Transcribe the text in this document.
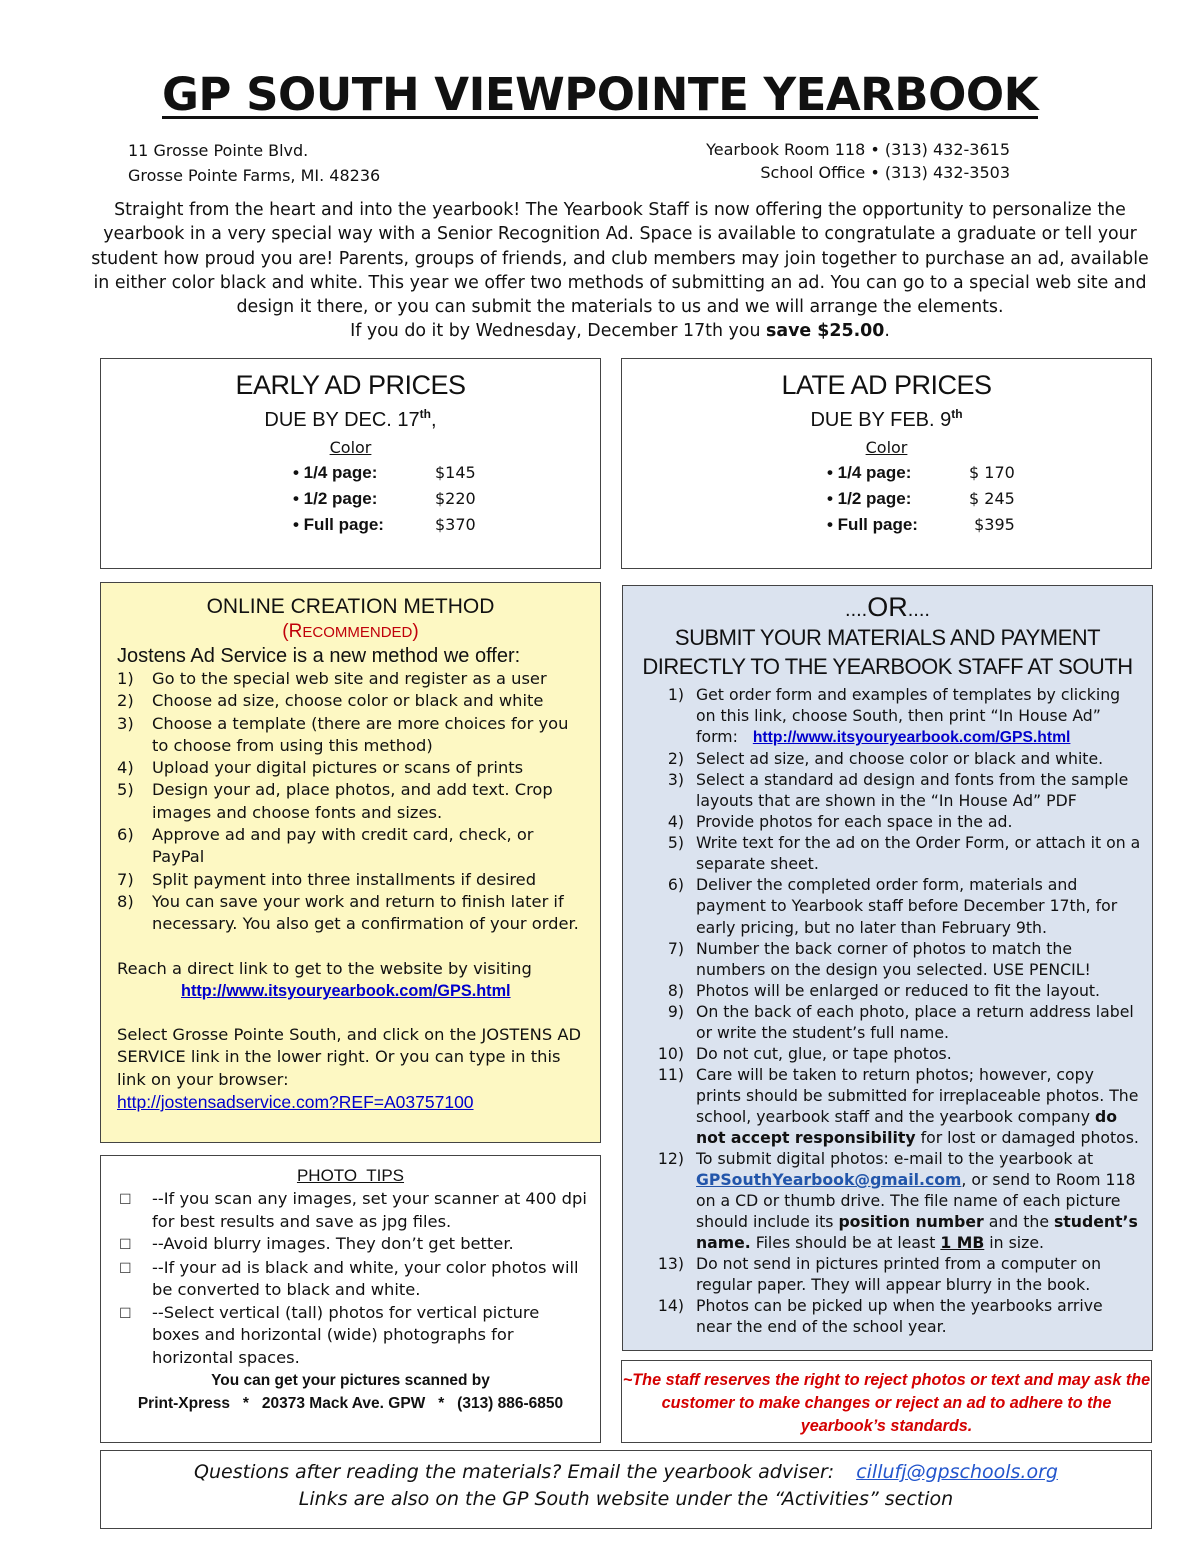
GP SOUTH VIEWPOINTE YEARBOOK
11 Grosse Pointe Blvd.
Grosse Pointe Farms, MI. 48236
Yearbook Room 118 • (313) 432-3615
School Office • (313) 432-3503
Straight from the heart and into the yearbook! The Yearbook Staff is now offering the opportunity to personalize the yearbook in a very special way with a Senior Recognition Ad. Space is available to congratulate a graduate or tell your student how proud you are! Parents, groups of friends, and club members may join together to purchase an ad, available in either color black and white. This year we offer two methods of submitting an ad. You can go to a special web site and design it there, or you can submit the materials to us and we will arrange the elements.
If you do it by Wednesday, December 17th you save $25.00.
EARLY AD PRICES
DUE BY DEC. 17th,
Color
• 1/4 page:	$145
• 1/2 page:	$220
• Full page:	$370
LATE AD PRICES
DUE BY FEB. 9th
Color
• 1/4 page:	$ 170
• 1/2 page:	$ 245
• Full page:	$395
ONLINE CREATION METHOD
(RECOMMENDED)
Jostens Ad Service is a new method we offer:
1)	Go to the special web site and register as a user
2)	Choose ad size, choose color or black and white
3)	Choose a template (there are more choices for you to choose from using this method)
4)	Upload your digital pictures or scans of prints
5)	Design your ad, place photos, and add text. Crop images and choose fonts and sizes.
6)	Approve ad and pay with credit card, check, or PayPal
7)	Split payment into three installments if desired
8)	You can save your work and return to finish later if necessary. You also get a confirmation of your order.

Reach a direct link to get to the website by visiting

http://www.itsyouryearbook.com/GPS.html

Select Grosse Pointe South, and click on the JOSTENS AD SERVICE link in the lower right. Or you can type in this link on your browser:

http://jostensadservice.com?REF=A03757100

PHOTO  TIPS
☐	--If you scan any images, set your scanner at 400 dpi for best results and save as jpg files.
☐	--Avoid blurry images. They don’t get better.
☐	--If your ad is black and white, your color photos will be converted to black and white.
☐	--Select vertical (tall) photos for vertical picture boxes and horizontal (wide) photographs for horizontal spaces.
You can get your pictures scanned by
Print-Xpress   *   20373 Mack Ave. GPW   *   (313) 886-6850
....OR....
SUBMIT YOUR MATERIALS AND PAYMENT
DIRECTLY TO THE YEARBOOK STAFF AT SOUTH
1) Get order form and examples of templates by clicking on this link, choose South, then print “In House Ad” form:   http://www.itsyouryearbook.com/GPS.html
2) Select ad size, and choose color or black and white.
3) Select a standard ad design and fonts from the sample layouts that are shown in the “In House Ad” PDF
4) Provide photos for each space in the ad.
5) Write text for the ad on the Order Form, or attach it on a separate sheet.
6) Deliver the completed order form, materials and payment to Yearbook staff before December 17th, for early pricing, but no later than February 9th.
7) Number the back corner of photos to match the numbers on the design you selected. USE PENCIL!
8) Photos will be enlarged or reduced to fit the layout.
9) On the back of each photo, place a return address label or write the student’s full name.
10) Do not cut, glue, or tape photos.
11) Care will be taken to return photos; however, copy prints should be submitted for irreplaceable photos. The school, yearbook staff and the yearbook company do not accept responsibility for lost or damaged photos.
12) To submit digital photos: e-mail to the yearbook at GPSouthYearbook@gmail.com, or send to Room 118 on a CD or thumb drive. The file name of each picture should include its position number and the student’s name. Files should be at least 1 MB in size.
13) Do not send in pictures printed from a computer on regular paper. They will appear blurry in the book.
14) Photos can be picked up when the yearbooks arrive near the end of the school year.
~The staff reserves the right to reject photos or text and may ask the customer to make changes or reject an ad to adhere to the yearbook’s standards.
Questions after reading the materials? Email the yearbook adviser: cillufj@gpschools.org
Links are also on the GP South website under the “Activities” section
